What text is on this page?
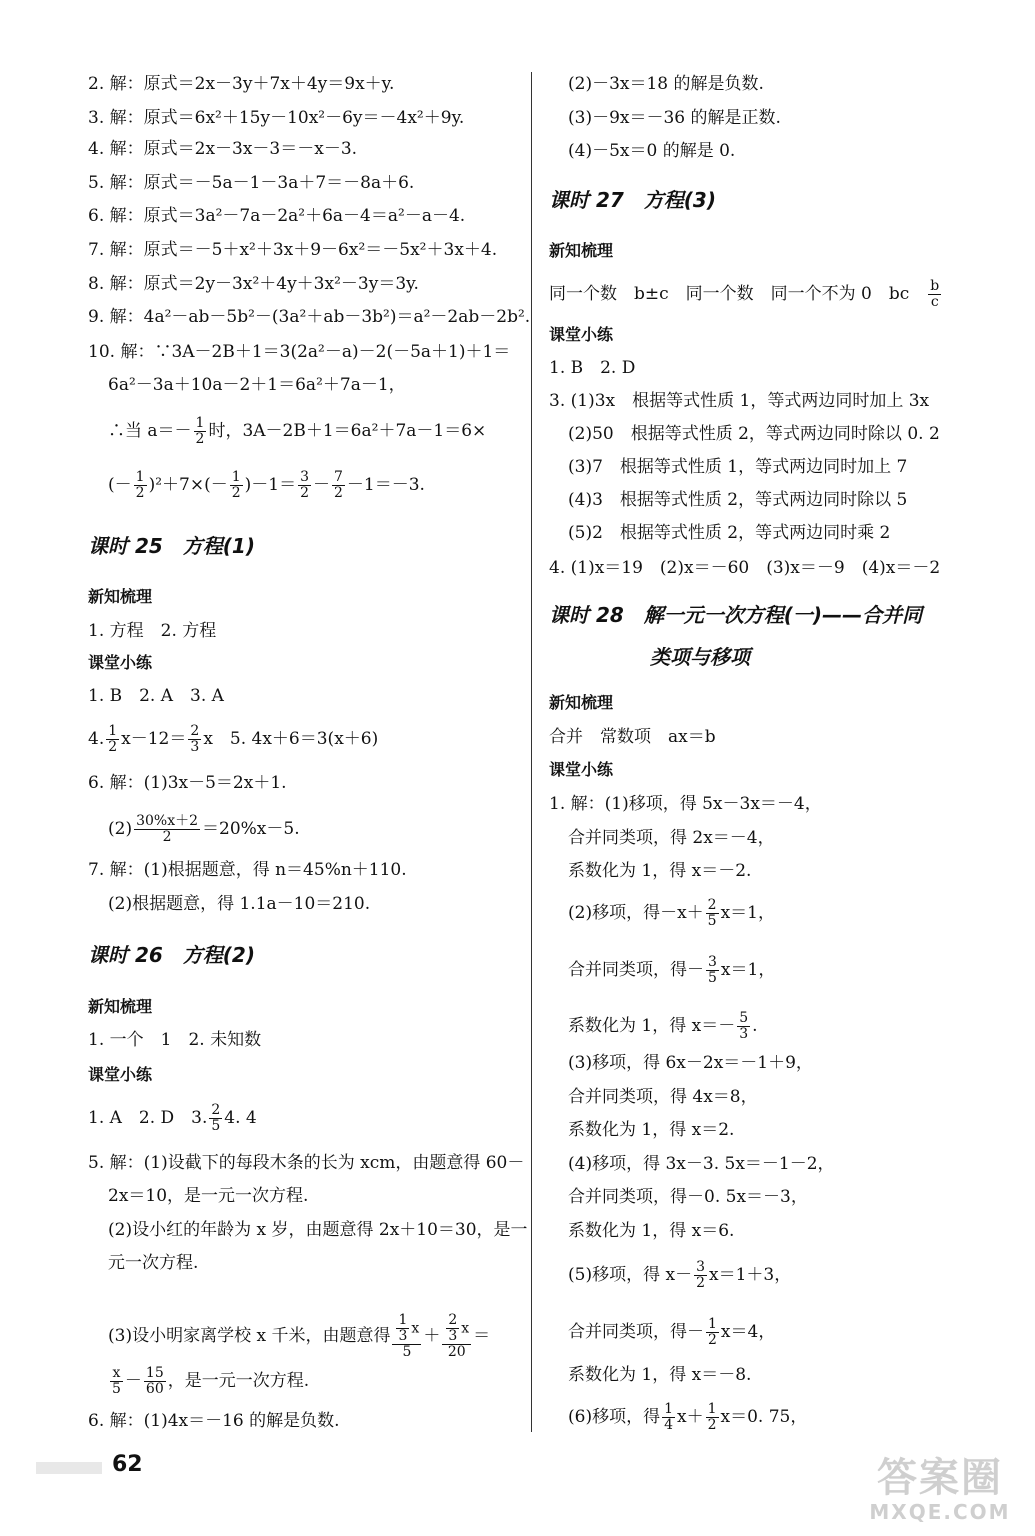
2. 解：原式＝2x－3y＋7x＋4y＝9x＋y.
3. 解：原式＝6x²＋15y－10x²－6y＝－4x²＋9y.
4. 解：原式＝2x－3x－3＝－x－3.
5. 解：原式＝－5a－1－3a＋7＝－8a＋6.
6. 解：原式＝3a²－7a－2a²＋6a－4＝a²－a－4.
7. 解：原式＝－5＋x²＋3x＋9－6x²＝－5x²＋3x＋4.
8. 解：原式＝2y－3x²＋4y＋3x²－3y＝3y.
9. 解：4a²－ab－5b²－(3a²＋ab－3b²)＝a²－2ab－2b².
10. 解：∵3A－2B＋1＝3(2a²－a)－2(－5a＋1)＋1＝
6a²－3a＋10a－2＋1＝6a²＋7a－1，
∴当 $a=- \frac{1}{2}$ 时，3A－2B＋1＝6a²＋7a－1＝6×
(－ $\frac{1}{2} )^2+7\times(- \frac{1}{2} )-1= \frac{3}{2} - \frac{7}{2} -1=-3$.
课时 25　方程(1)
新知梳理
1. 方程　2. 方程
课堂小练
1. B　2. A　3. A
4. $\frac{1}{2} x-12= \frac{2}{3}$ x　5. 4x＋6＝3(x＋6)
6. 解：(1)3x－5＝2x＋1.
$(2) \frac{30\%x+2}{2} =20\%x-5$.
7. 解：(1)根据题意，得 n＝45%n＋110.
(2)根据题意，得 1.1a－10＝210.
课时 26　方程(2)
新知梳理
1. 一个　1　2. 未知数
课堂小练
1. A　2. D　3. $\frac{2}{5} 4$. 4
5. 解：(1)设截下的每段木条的长为 xcm，由题意得 60－
2x＝10，是一元一次方程.
(2)设小红的年龄为 x 岁，由题意得 2x＋10＝30，是一
元一次方程.
(3)设小明家离学校 x 千米，由题意得 $\frac{\frac{1}{3} x}{5} + \frac{\frac{2}{3} x}{20}$ ＝
$\frac{x}{5} - \frac{15}{60}$ ，是一元一次方程.
6. 解：(1)4x＝－16 的解是负数.
(2)－3x＝18 的解是负数.
(3)－9x＝－36 的解是正数.
(4)－5x＝0 的解是 0.
课时 27　方程(3)
新知梳理
同一个数　b±c　同一个数　同一个不为 0　bc　 $\frac{b}{c}$
课堂小练
1. B　2. D
3. (1)3x　根据等式性质 1，等式两边同时加上 3x
(2)50　根据等式性质 2，等式两边同时除以 0. 2
(3)7　根据等式性质 1，等式两边同时加上 7
(4)3　根据等式性质 2，等式两边同时除以 5
(5)2　根据等式性质 2，等式两边同时乘 2
4. (1)x＝19　(2)x＝－60　(3)x＝－9　(4)x＝－2
课时 28　解一元一次方程(一)——合并同
类项与移项
新知梳理
合并　常数项　ax＝b
课堂小练
1. 解：(1)移项，得 5x－3x＝－4，
合并同类项，得 2x＝－4，
系数化为 1，得 x＝－2.
(2)移项，得$-x+ \frac{2}{5} x=1$，
合并同类项，得－ $\frac{3}{5} x=1$，
系数化为 1，得 $x=- \frac{5}{3}$ .
(3)移项，得 6x－2x＝－1＋9，
合并同类项，得 4x＝8，
系数化为 1，得 x＝2.
(4)移项，得 3x－3. 5x＝－1－2，
合并同类项，得－0. 5x＝－3，
系数化为 1，得 x＝6.
(5)移项，得 $x- \frac{3}{2} x=1+3$，
合并同类项，得－ $\frac{1}{2} x=4$，
系数化为 1，得 x＝－8.
(6)移项，得 $\frac{1}{4} x+ \frac{1}{2} x=0$. 75，
62	答案圈
MXQE.COM
